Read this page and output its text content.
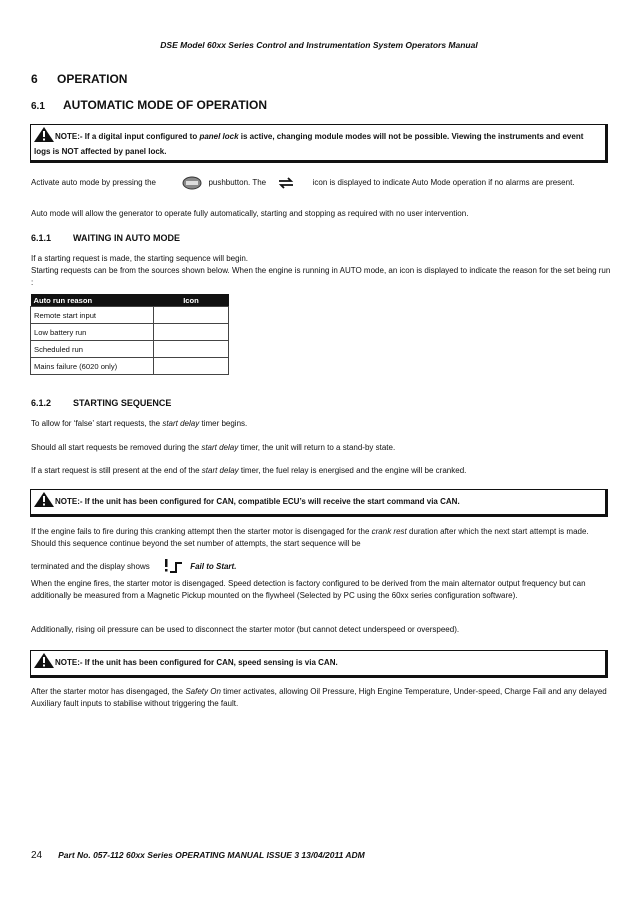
DSE Model 60xx Series Control and Instrumentation System Operators Manual
6 OPERATION
6.1 AUTOMATIC MODE OF OPERATION
NOTE:- If a digital input configured to panel lock is active, changing module modes will not be possible. Viewing the instruments and event logs is NOT affected by panel lock.
Activate auto mode by pressing the	pushbutton. The	icon is displayed to indicate Auto Mode operation if no alarms are present.
Auto mode will allow the generator to operate fully automatically, starting and stopping as required with no user intervention.
6.1.1 WAITING IN AUTO MODE
If a starting request is made, the starting sequence will begin.
Starting requests can be from the sources shown below. When the engine is running in AUTO mode, an icon is displayed to indicate the reason for the set being run :
Auto run reason	Icon
Remote start input	
Low battery run	
Scheduled run	
Mains failure (6020 only)	
6.1.2 STARTING SEQUENCE
To allow for ‘false’ start requests, the start delay timer begins.
Should all start requests be removed during the start delay timer, the unit will return to a stand-by state.
If a start request is still present at the end of the start delay timer, the fuel relay is energised and the engine will be cranked.
NOTE:- If the unit has been configured for CAN, compatible ECU’s will receive the start command via CAN.
If the engine fails to fire during this cranking attempt then the starter motor is disengaged for the crank rest duration after which the next start attempt is made. Should this sequence continue beyond the set number of attempts, the start sequence will be
terminated and the display shows	Fail to Start.
When the engine fires, the starter motor is disengaged. Speed detection is factory configured to be derived from the main alternator output frequency but can additionally be measured from a Magnetic Pickup mounted on the flywheel (Selected by PC using the 60xx series configuration software).
Additionally, rising oil pressure can be used to disconnect the starter motor (but cannot detect underspeed or overspeed).
NOTE:- If the unit has been configured for CAN, speed sensing is via CAN.
After the starter motor has disengaged, the Safety On timer activates, allowing Oil Pressure, High Engine Temperature, Under-speed, Charge Fail and any delayed Auxiliary fault inputs to stabilise without triggering the fault.
24 Part No. 057-112 60xx Series OPERATING MANUAL ISSUE 3 13/04/2011 ADM
